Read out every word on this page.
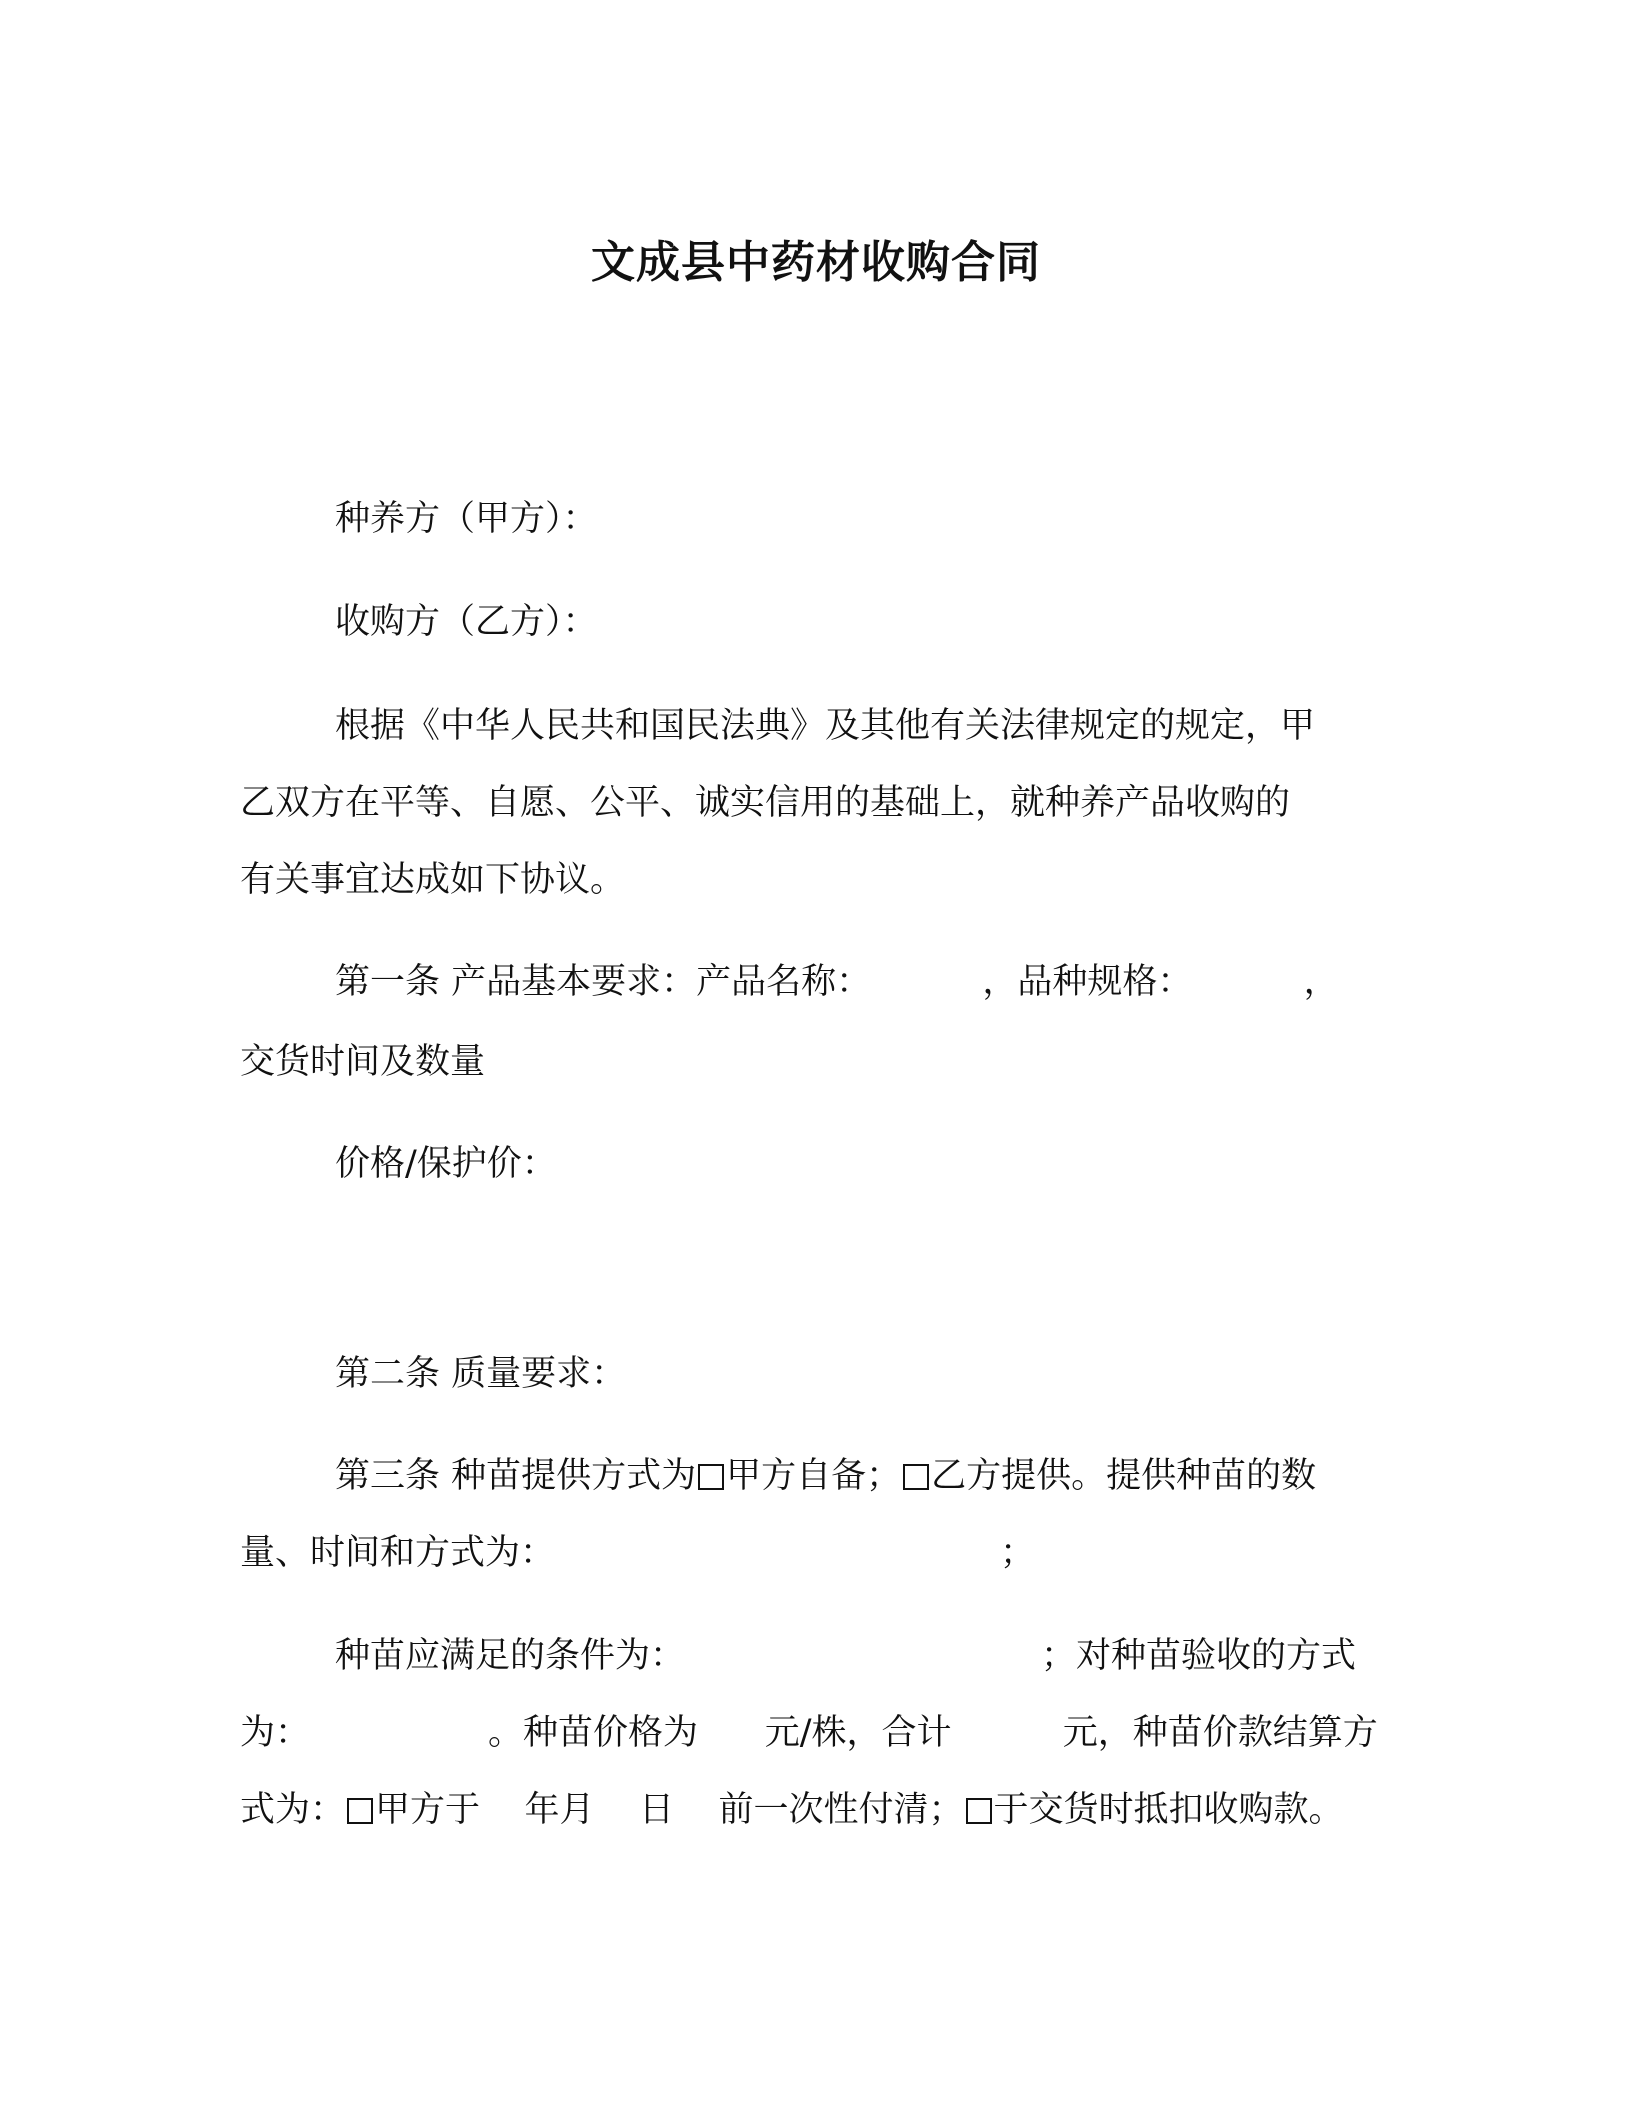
文成县中药材收购合同

种养方（甲方）：

收购方（乙方）：

根据《中华人民共和国民法典》及其他有关法律规定的规定，甲

乙双方在平等、自愿、公平、诚实信用的基础上，就种养产品收购的

有关事宜达成如下协议。

第一条 产品基本要求：产品名称：          ，品种规格：          ，

交货时间及数量

价格/保护价：

第二条 质量要求：

第三条 种苗提供方式为 甲方自备； 乙方提供。提供种苗的数

量、时间和方式为：                                        ；

种苗应满足的条件为：                                ；对种苗验收的方式

为：                。种苗价格为      元/株，合计          元，种苗价款结算方

式为： 甲方于    年月    日    前一次性付清； 于交货时抵扣收购款。
